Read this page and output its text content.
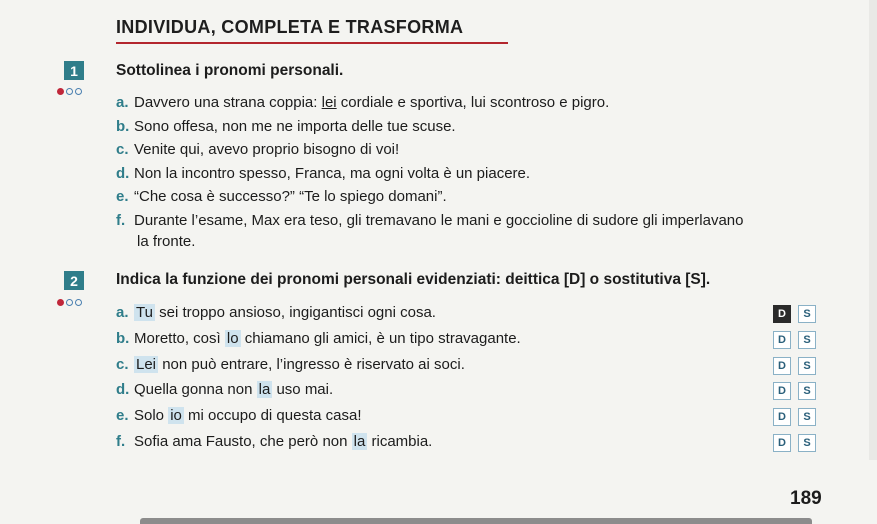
INDIVIDUA, COMPLETA E TRASFORMA
1	Sottolinea i pronomi personali.
a. Davvero una strana coppia: lei cordiale e sportiva, lui scontroso e pigro.
b. Sono offesa, non me ne importa delle tue scuse.
c. Venite qui, avevo proprio bisogno di voi!
d. Non la incontro spesso, Franca, ma ogni volta è un piacere.
e. “Che cosa è successo?” “Te lo spiego domani”.
f. Durante l’esame, Max era teso, gli tremavano le mani e goccioline di sudore gli imperlavano
la fronte.
2	Indica la funzione dei pronomi personali evidenziati: deittica [D] o sostitutiva [S].
a. Tu sei troppo ansioso, ingigantisci ogni cosa.	D	S
b. Moretto, così lo chiamano gli amici, è un tipo stravagante.	D	S
c. Lei non può entrare, l’ingresso è riservato ai soci.	D	S
d. Quella gonna non la uso mai.	D	S
e. Solo io mi occupo di questa casa!	D	S
f. Sofia ama Fausto, che però non la ricambia.	D	S
189
